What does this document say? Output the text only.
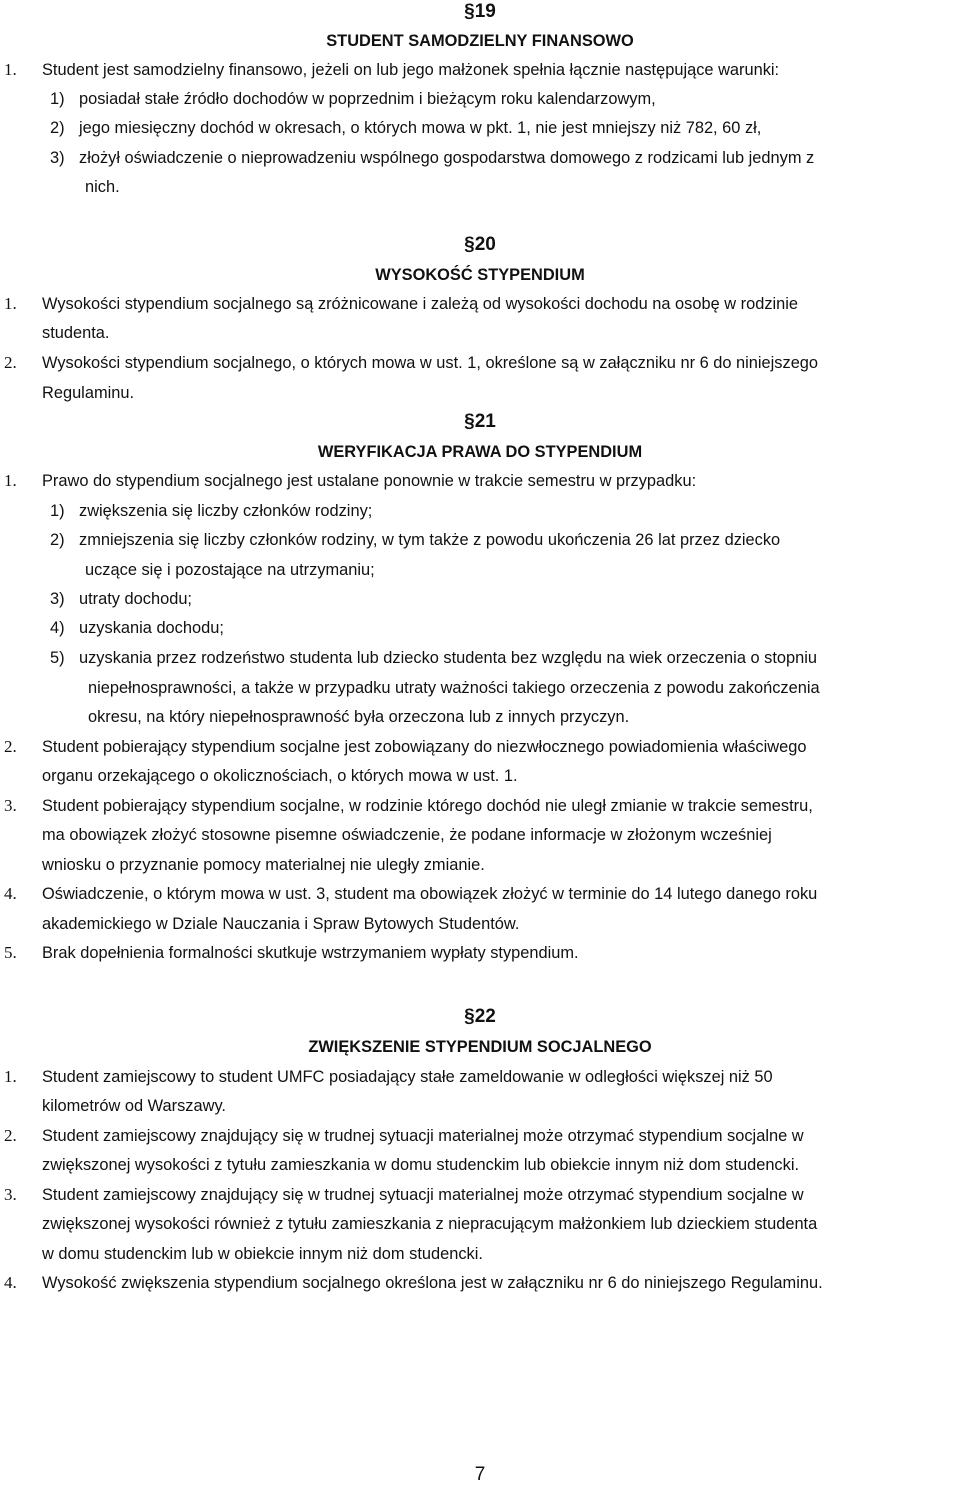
§19
STUDENT SAMODZIELNY FINANSOWO
1. Student jest samodzielny finansowo, jeżeli on lub jego małżonek spełnia łącznie następujące warunki:
1) posiadał stałe źródło dochodów w poprzednim i bieżącym roku kalendarzowym,
2) jego miesięczny dochód w okresach, o których mowa w pkt. 1, nie jest mniejszy niż 782, 60 zł,
3) złożył oświadczenie o nieprowadzeniu wspólnego gospodarstwa domowego z rodzicami lub jednym z
nich.
§20
WYSOKOŚĆ STYPENDIUM
1. Wysokości stypendium socjalnego są zróżnicowane i zależą od wysokości dochodu na osobę w rodzinie
studenta.
2. Wysokości stypendium socjalnego, o których mowa w ust. 1, określone są w załączniku nr 6 do niniejszego
Regulaminu.
§21
WERYFIKACJA PRAWA DO STYPENDIUM
1. Prawo do stypendium socjalnego jest ustalane ponownie w trakcie semestru w przypadku:
1) zwiększenia się liczby członków rodziny;
2) zmniejszenia się liczby członków rodziny, w tym także z powodu ukończenia 26 lat przez dziecko
uczące się i pozostające na utrzymaniu;
3) utraty dochodu;
4) uzyskania dochodu;
5) uzyskania przez rodzeństwo studenta lub dziecko studenta bez względu na wiek orzeczenia o stopniu
niepełnosprawności, a także w przypadku utraty ważności takiego orzeczenia z powodu zakończenia
okresu, na który niepełnosprawność była orzeczona lub z innych przyczyn.
2. Student pobierający stypendium socjalne jest zobowiązany do niezwłocznego powiadomienia właściwego
organu orzekającego o okolicznościach, o których mowa w ust. 1.
3. Student pobierający stypendium socjalne, w rodzinie którego dochód nie uległ zmianie w trakcie semestru,
ma obowiązek złożyć stosowne pisemne oświadczenie, że podane informacje w złożonym wcześniej
wniosku o przyznanie pomocy materialnej nie uległy zmianie.
4. Oświadczenie, o którym mowa w ust. 3, student ma obowiązek złożyć w terminie do 14 lutego danego roku
akademickiego w Dziale Nauczania i Spraw Bytowych Studentów.
5. Brak dopełnienia formalności skutkuje wstrzymaniem wypłaty stypendium.
§22
ZWIĘKSZENIE STYPENDIUM SOCJALNEGO
1. Student zamiejscowy to student UMFC posiadający stałe zameldowanie w odległości większej niż 50
kilometrów od Warszawy.
2. Student zamiejscowy znajdujący się w trudnej sytuacji materialnej może otrzymać stypendium socjalne w
zwiększonej wysokości z tytułu zamieszkania w domu studenckim lub obiekcie innym niż dom studencki.
3. Student zamiejscowy znajdujący się w trudnej sytuacji materialnej może otrzymać stypendium socjalne w
zwiększonej wysokości również z tytułu zamieszkania z niepracującym małżonkiem lub dzieckiem studenta
w domu studenckim lub w obiekcie innym niż dom studencki.
4. Wysokość zwiększenia stypendium socjalnego określona jest w załączniku nr 6 do niniejszego Regulaminu.
7
